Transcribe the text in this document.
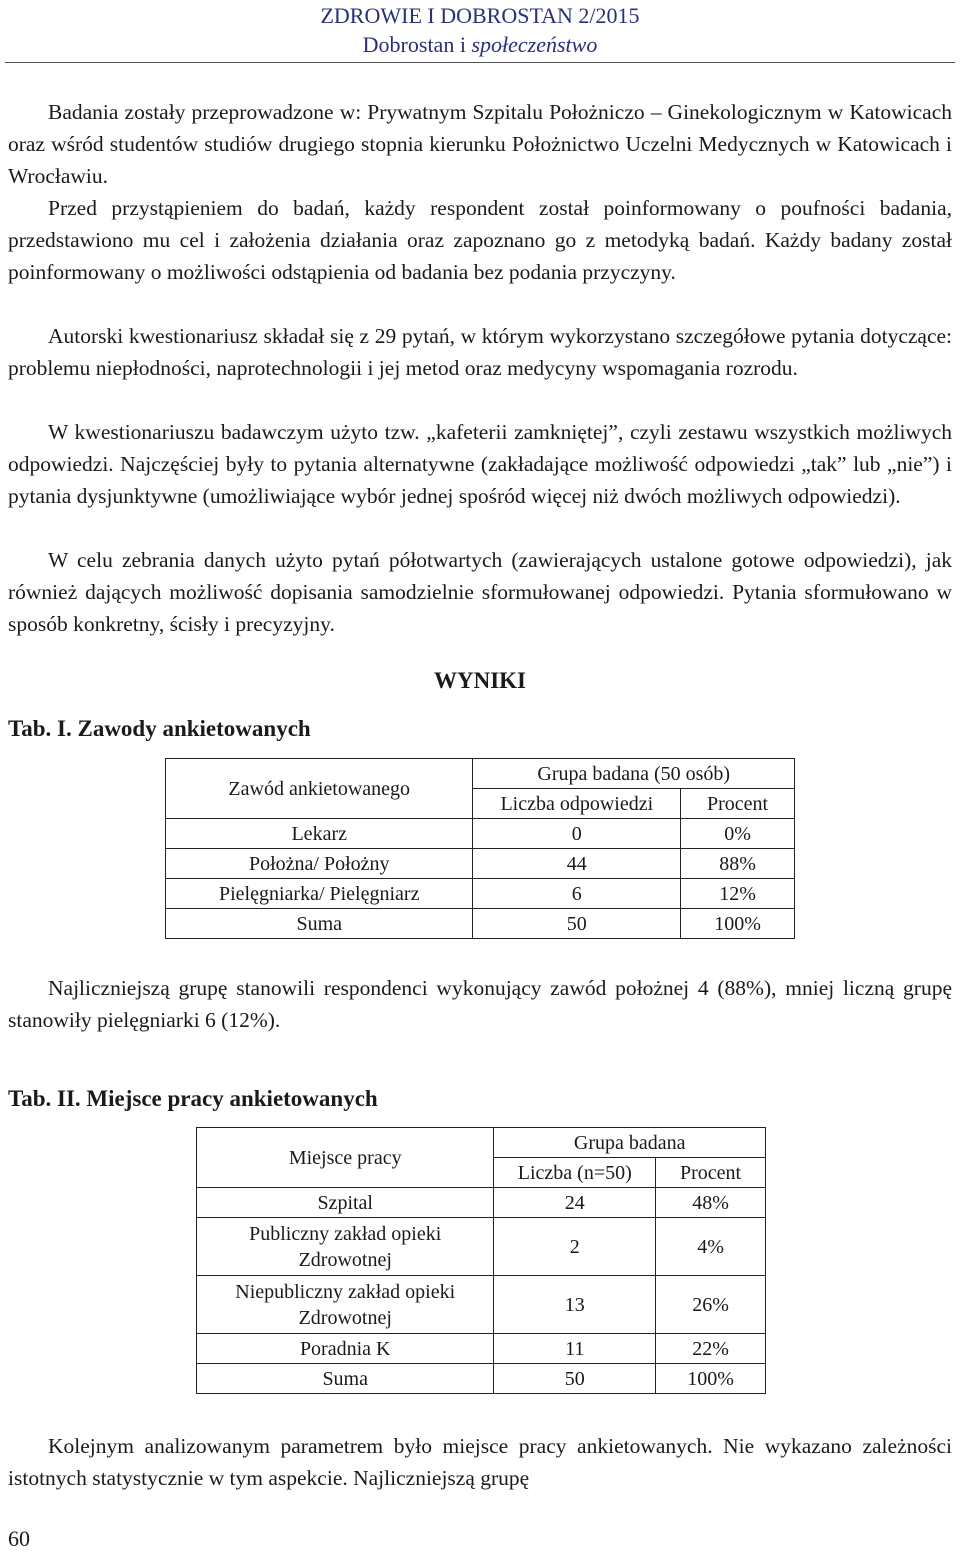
ZDROWIE I DOBROSTAN 2/2015
Dobrostan i społeczeństwo

Badania zostały przeprowadzone w: Prywatnym Szpitalu Położniczo – Ginekologicznym w Katowicach oraz wśród studentów studiów drugiego stopnia kierunku Położnictwo Uczelni Medycznych w Katowicach i Wrocławiu.

Przed przystąpieniem do badań, każdy respondent został poinformowany o poufności badania, przedstawiono mu cel i założenia działania oraz zapoznano go z metodyką badań. Każdy badany został poinformowany o możliwości odstąpienia od badania bez podania przyczyny.

Autorski kwestionariusz składał się z 29 pytań, w którym wykorzystano szczegółowe pytania dotyczące: problemu niepłodności, naprotechnologii i jej metod oraz medycyny wspomagania rozrodu.

W kwestionariuszu badawczym użyto tzw. „kafeterii zamkniętej”, czyli zestawu wszystkich możliwych odpowiedzi. Najczęściej były to pytania alternatywne (zakładające możliwość odpowiedzi „tak” lub „nie”) i pytania dysjunktywne (umożliwiające wybór jednej spośród więcej niż dwóch możliwych odpowiedzi).

W celu zebrania danych użyto pytań półotwartych (zawierających ustalone gotowe odpowiedzi), jak również dających możliwość dopisania samodzielnie sformułowanej odpowiedzi. Pytania sformułowano w sposób konkretny, ścisły i precyzyjny.

WYNIKI
Tab. I. Zawody ankietowanych
Zawód ankietowanego	Grupa badana (50 osób)	
	Liczba odpowiedzi	Procent
Lekarz	0	0%
Położna/ Położny	44	88%
Pielęgniarka/ Pielęgniarz	6	12%
Suma	50	100%

Najliczniejszą grupę stanowili respondenci wykonujący zawód położnej 4 (88%), mniej liczną grupę stanowiły pielęgniarki 6 (12%).

Tab. II. Miejsce pracy ankietowanych
Miejsce pracy	Grupa badana	
	Liczba (n=50)	Procent
Szpital	24	48%
Publiczny zakład opieki
Zdrowotnej	2	4%
Niepubliczny zakład opieki
Zdrowotnej	13	26%
Poradnia K	11	22%
Suma	50	100%

Kolejnym analizowanym parametrem było miejsce pracy ankietowanych. Nie wykazano zależności istotnych statystycznie w tym aspekcie. Najliczniejszą grupę

60
